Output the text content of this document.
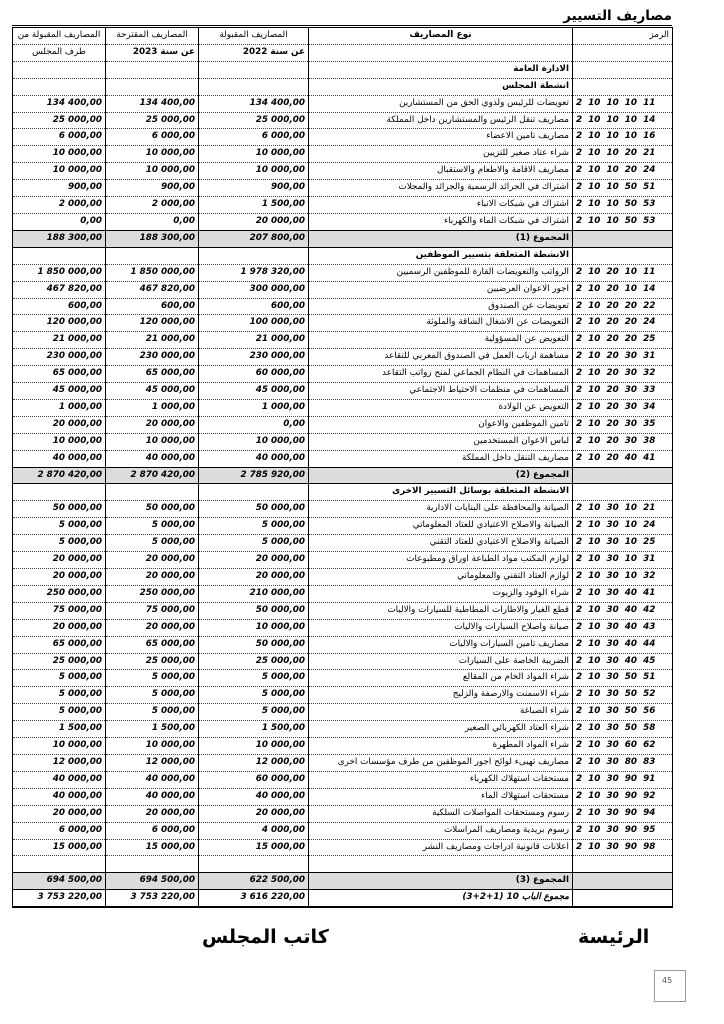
مصاريف التسيير
المصاريف المقبولة من	المصاريف المقترحة	المصاريف المقبولة	نوع المصاريف	الرمز
طرف المجلس	عن سنة 2023	عن سنة 2022		
			الادارة العامة	
			انشطة المجلس	
134 400,00	134 400,00	134 400,00	تعويضات للرئيس ولذوي الحق من المستشارين	2 10 10 10 11
25 000,00	25 000,00	25 000,00	مصاريف تنقل الرئيس والمستشارين داخل المملكة	2 10 10 10 14
6 000,00	6 000,00	6 000,00	مصاريف تامين الاعضاء	2 10 10 10 16
10 000,00	10 000,00	10 000,00	شراء عتاد صغير للتزيين	2 10 10 20 21
10 000,00	10 000,00	10 000,00	مصاريف الاقامة والاطعام والاستقبال	2 10 10 20 24
900,00	900,00	900,00	اشتراك في الجرائد الرسمية والجرائد والمجلات	2 10 10 50 51
2 000,00	2 000,00	1 500,00	اشتراك في شبكات الانباء	2 10 10 50 53
0,00	0,00	20 000,00	اشتراك في شبكات الماء والكهرباء	2 10 10 50 53
188 300,00	188 300,00	207 800,00	المجموع (1)	
			الانشطة المتعلقة بتسيير الموظفين	
1 850 000,00	1 850 000,00	1 978 320,00	الرواتب والتعويضات القارة للموظفين الرسميين	2 10 20 10 11
467 820,00	467 820,00	300 000,00	اجور الاعوان العرضيين	2 10 20 10 14
600,00	600,00	600,00	تعويضات عن الصندوق	2 10 20 20 22
120 000,00	120 000,00	100 000,00	التعويضات عن الاشغال الشاقة والملوثة	2 10 20 20 24
21 000,00	21 000,00	21 000,00	التعويض عن المسؤولية	2 10 20 20 25
230 000,00	230 000,00	230 000,00	مساهمة ارباب العمل في الصندوق المغربي للتقاعد	2 10 20 30 31
65 000,00	65 000,00	60 000,00	المساهمات في النظام الجماعي لمنح رواتب التقاعد	2 10 20 30 32
45 000,00	45 000,00	45 000,00	المساهمات في منظمات الاحتياط الاجتماعي	2 10 20 30 33
1 000,00	1 000,00	1 000,00	التعويض عن الولادة	2 10 20 30 34
20 000,00	20 000,00	0,00	تامين الموظفين والاعوان	2 10 20 30 35
10 000,00	10 000,00	10 000,00	لباس الاعوان المستخدمين	2 10 20 30 38
40 000,00	40 000,00	40 000,00	مصاريف التنقل داخل المملكة	2 10 20 40 41
2 870 420,00	2 870 420,00	2 785 920,00	المجموع (2)	
			الانشطة المتعلقة بوسائل التسيير الاخرى	
50 000,00	50 000,00	50 000,00	الصيانة والمحافظة على البنايات الادارية	2 10 30 10 21
5 000,00	5 000,00	5 000,00	الصيانة والاصلاح الاعتيادي للعتاد المعلوماتي	2 10 30 10 24
5 000,00	5 000,00	5 000,00	الصيانة والاصلاح الاعتيادي للعتاد التقني	2 10 30 10 25
20 000,00	20 000,00	20 000,00	لوازم المكتب مواد الطباعة اوراق ومطبوعات	2 10 30 10 31
20 000,00	20 000,00	20 000,00	لوازم العتاد التقني والمعلوماتي	2 10 30 10 32
250 000,00	250 000,00	210 000,00	شراء الوقود والزيوت	2 10 30 40 41
75 000,00	75 000,00	50 000,00	قطع الغيار والاطارات المطاطية للسيارات والاليات	2 10 30 40 42
20 000,00	20 000,00	10 000,00	صيانة واصلاح السيارات والاليات	2 10 30 40 43
65 000,00	65 000,00	50 000,00	مصاريف تامين السيارات والاليات	2 10 30 40 44
25 000,00	25 000,00	25 000,00	الضريبة الخاصة على السيارات	2 10 30 40 45
5 000,00	5 000,00	5 000,00	شراء المواد الخام من المقالع	2 10 30 50 51
5 000,00	5 000,00	5 000,00	شراء الاسمنت والارصفة والزليج	2 10 30 50 52
5 000,00	5 000,00	5 000,00	شراء الصباغة	2 10 30 50 56
1 500,00	1 500,00	1 500,00	شراء العتاد الكهربائي الصغير	2 10 30 50 58
10 000,00	10 000,00	10 000,00	شراء المواد المطهرة	2 10 30 60 62
12 000,00	12 000,00	12 000,00	مصاريف تهيىء لوائح اجور الموظفين من طرف مؤسسات اخرى	2 10 30 80 83
40 000,00	40 000,00	60 000,00	مستحقات استهلاك الكهرباء	2 10 30 90 91
40 000,00	40 000,00	40 000,00	مستحقات استهلاك الماء	2 10 30 90 92
20 000,00	20 000,00	20 000,00	رسوم ومستحقات المواصلات السلكية	2 10 30 90 94
6 000,00	6 000,00	4 000,00	رسوم بريدية ومصاريف المراسلات	2 10 30 90 95
15 000,00	15 000,00	15 000,00	اعلانات قانونية ادراجات ومصاريف النشر	2 10 30 90 98

694 500,00	694 500,00	622 500,00	المجموع (3)	
3 753 220,00	3 753 220,00	3 616 220,00	مجموع الباب 10 (1+2+3)	
كاتب المجلس	الرئيسة
45
